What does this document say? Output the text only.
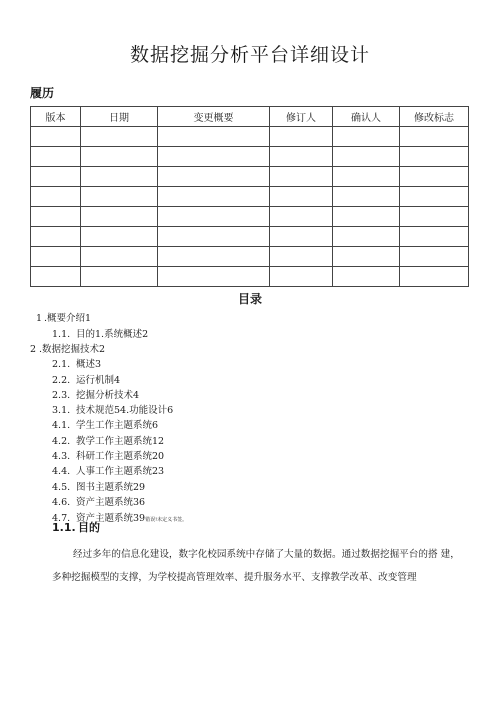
数据挖掘分析平台详细设计
履历
版本	日期	变更概要	修订人	确认人	修改标志

目录
1 .概要介绍1
1.1. 目的1.系统概述2
2 .数据挖掘技术2
2.1. 概述3
2.2. 运行机制4
2.3. 挖掘分析技术4
3.1. 技术规范54.功能设计6
4.1. 学生工作主题系统6
4.2. 教学工作主题系统12
4.3. 科研工作主题系统20
4.4. 人事工作主题系统23
4.5. 图书主题系统29
4.6. 资产主题系统36
4.7. 资产主题系统39错误!未定义书签。
1.1. 目的
经过多年的信息化建设，数字化校园系统中存储了大量的数据。通过数据挖掘平台的搭 建，
多种挖掘模型的支撑，为学校提高管理效率、提升服务水平、支撑教学改革、改变管理
